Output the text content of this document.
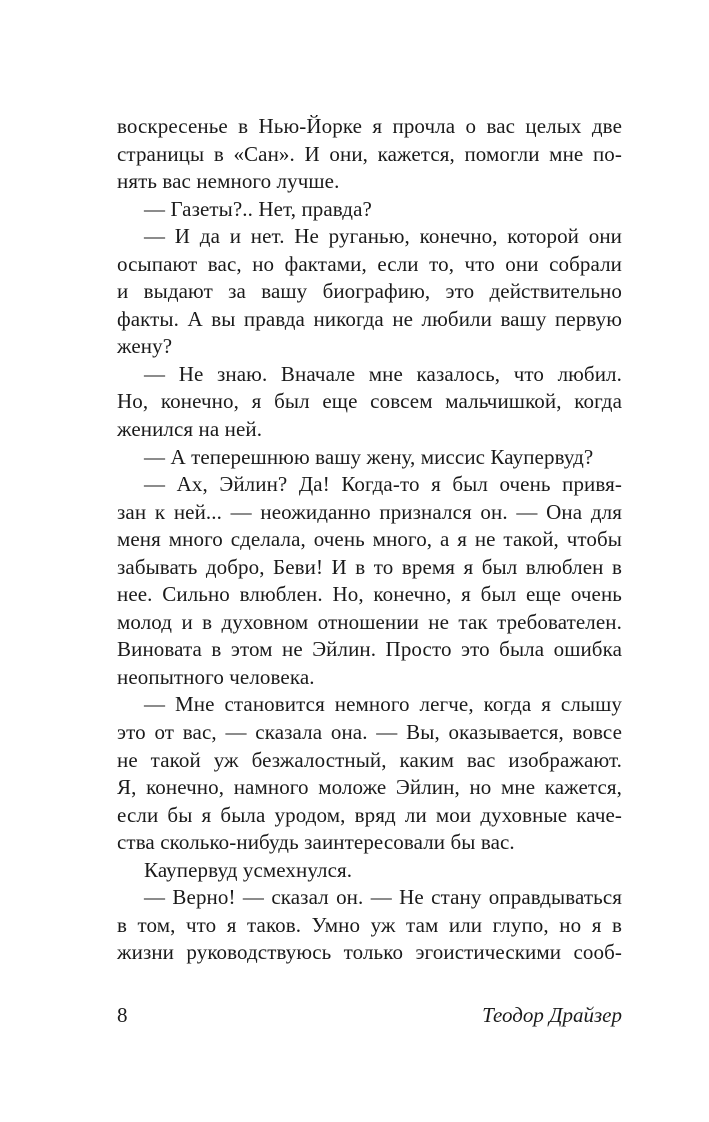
воскресенье в Нью-Йорке я прочла о вас целых две
страницы в «Сан». И они, кажется, помогли мне по-
нять вас немного лучше.
— Газеты?.. Нет, правда?
— И да и нет. Не руганью, конечно, которой они
осыпают вас, но фактами, если то, что они собрали
и выдают за вашу биографию, это действительно
факты. А вы правда никогда не любили вашу первую
жену?
— Не знаю. Вначале мне казалось, что любил.
Но, конечно, я был еще совсем мальчишкой, когда
женился на ней.
— А теперешнюю вашу жену, миссис Каупервуд?
— Ах, Эйлин? Да! Когда-то я был очень привя-
зан к ней... — неожиданно признался он. — Она для
меня много сделала, очень много, а я не такой, чтобы
забывать добро, Беви! И в то время я был влюблен в
нее. Сильно влюблен. Но, конечно, я был еще очень
молод и в духовном отношении не так требователен.
Виновата в этом не Эйлин. Просто это была ошибка
неопытного человека.
— Мне становится немного легче, когда я слышу
это от вас, — сказала она. — Вы, оказывается, вовсе
не такой уж безжалостный, каким вас изображают.
Я, конечно, намного моложе Эйлин, но мне кажется,
если бы я была уродом, вряд ли мои духовные каче-
ства сколько-нибудь заинтересовали бы вас.
Каупервуд усмехнулся.
— Верно! — сказал он. — Не стану оправдываться
в том, что я таков. Умно уж там или глупо, но я в
жизни руководствуюсь только эгоистическими сооб-
8	Теодор Драйзер
